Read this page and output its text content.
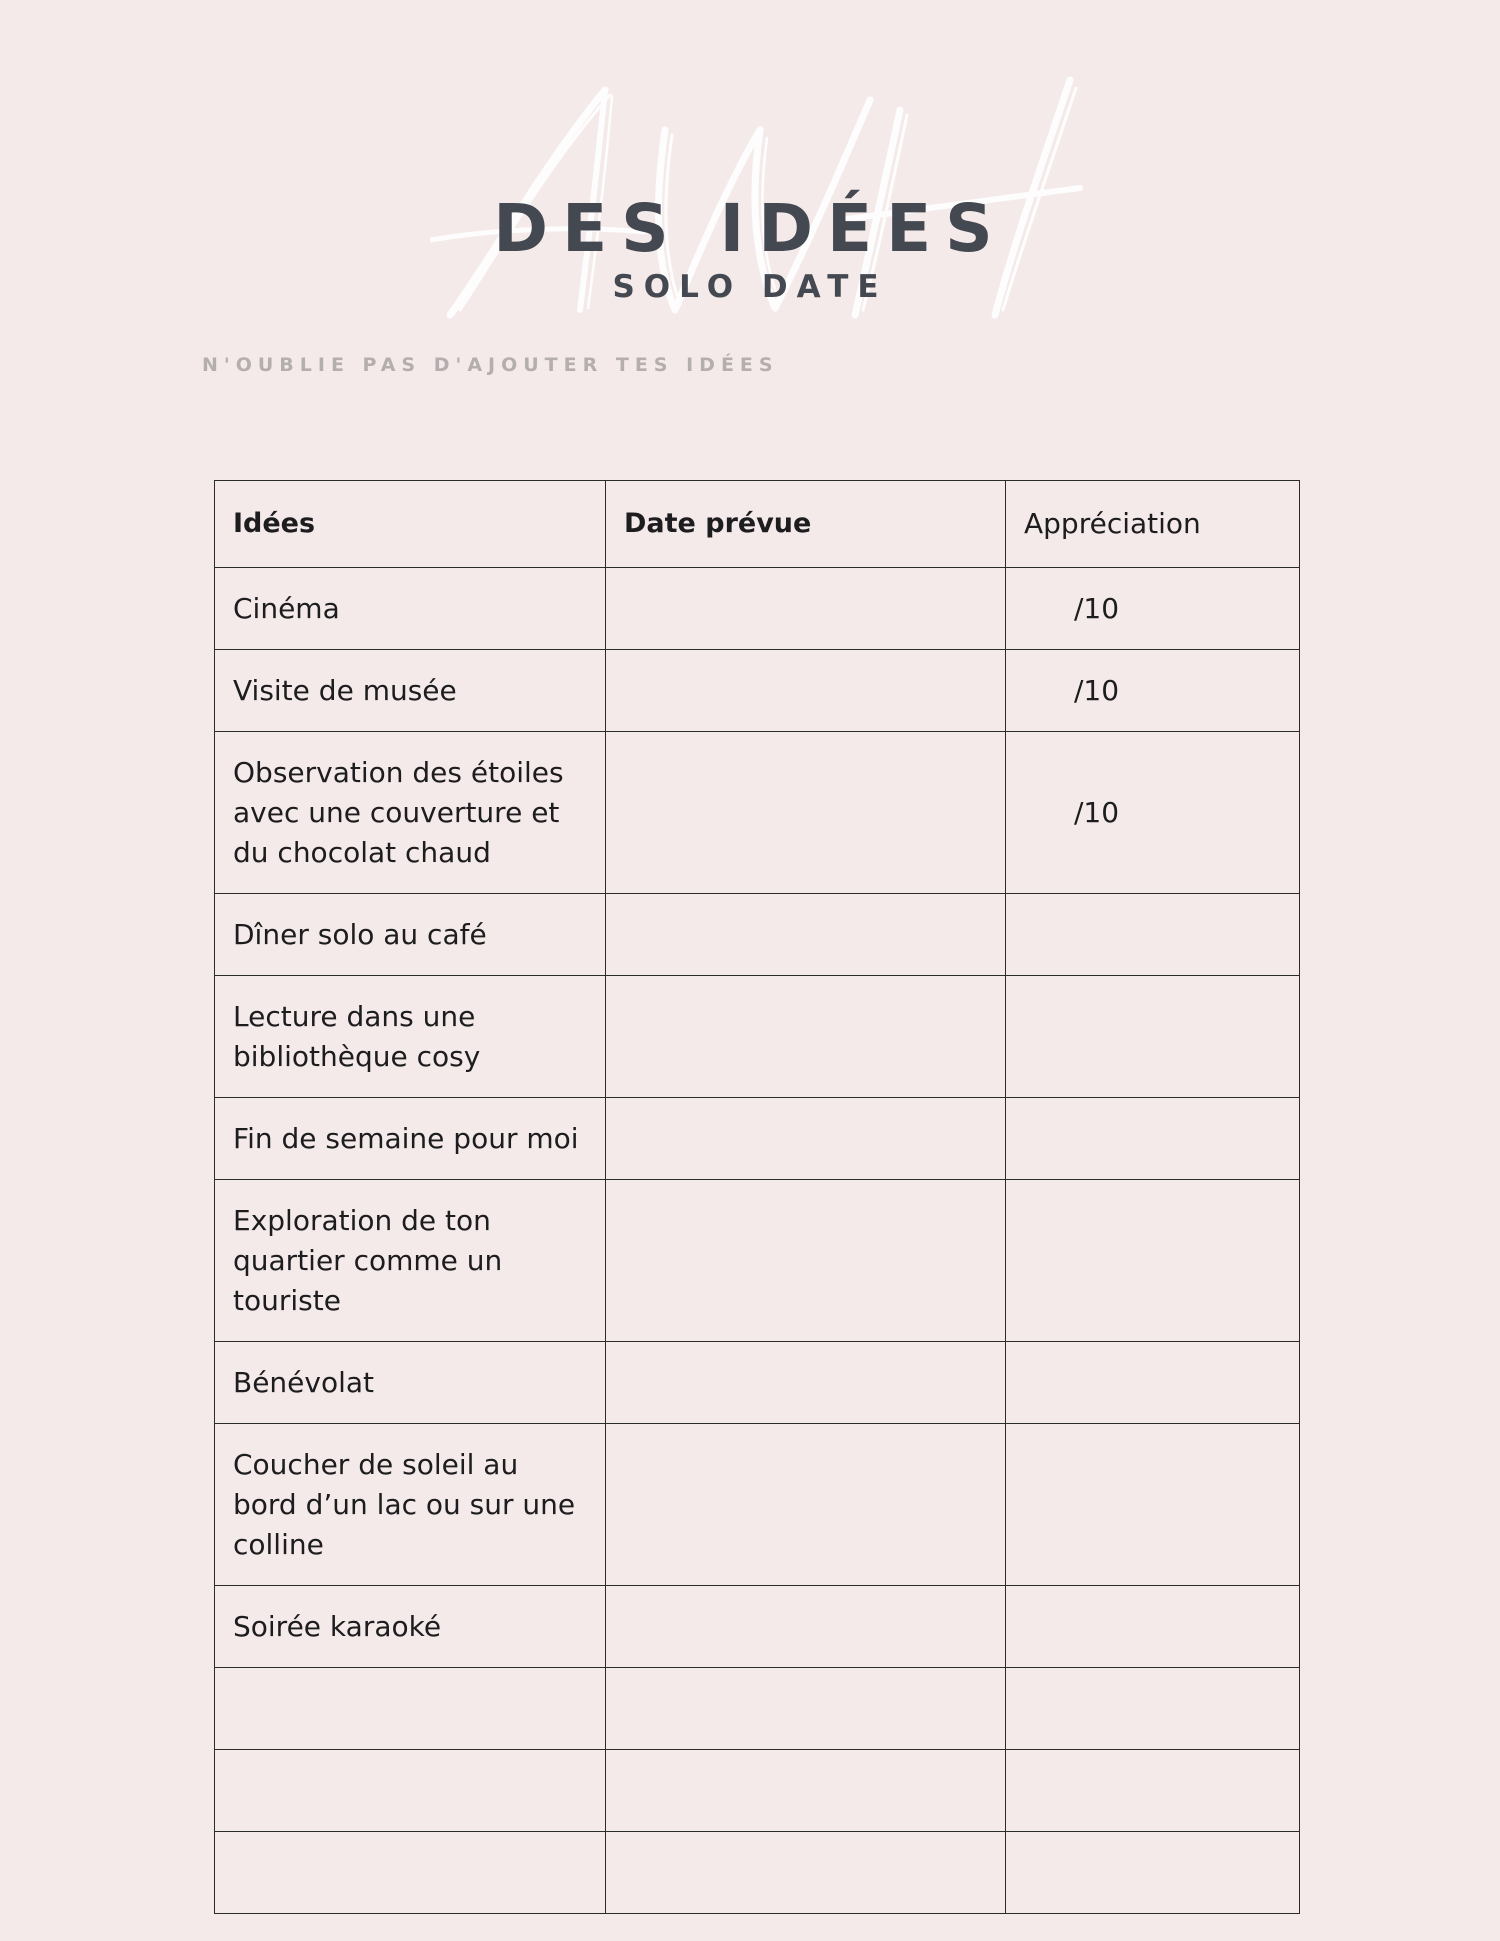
DES IDÉES
SOLO DATE
N'OUBLIE PAS D'AJOUTER TES IDÉES
Idées	Date prévue	Appréciation
Cinéma		/10
Visite de musée		/10
Observation des étoiles avec une couverture et du chocolat chaud		/10
Dîner solo au café		
Lecture dans une bibliothèque cosy		
Fin de semaine pour moi		
Exploration de ton quartier comme un touriste		
Bénévolat		
Coucher de soleil au bord d’un lac ou sur une colline		
Soirée karaoké		
